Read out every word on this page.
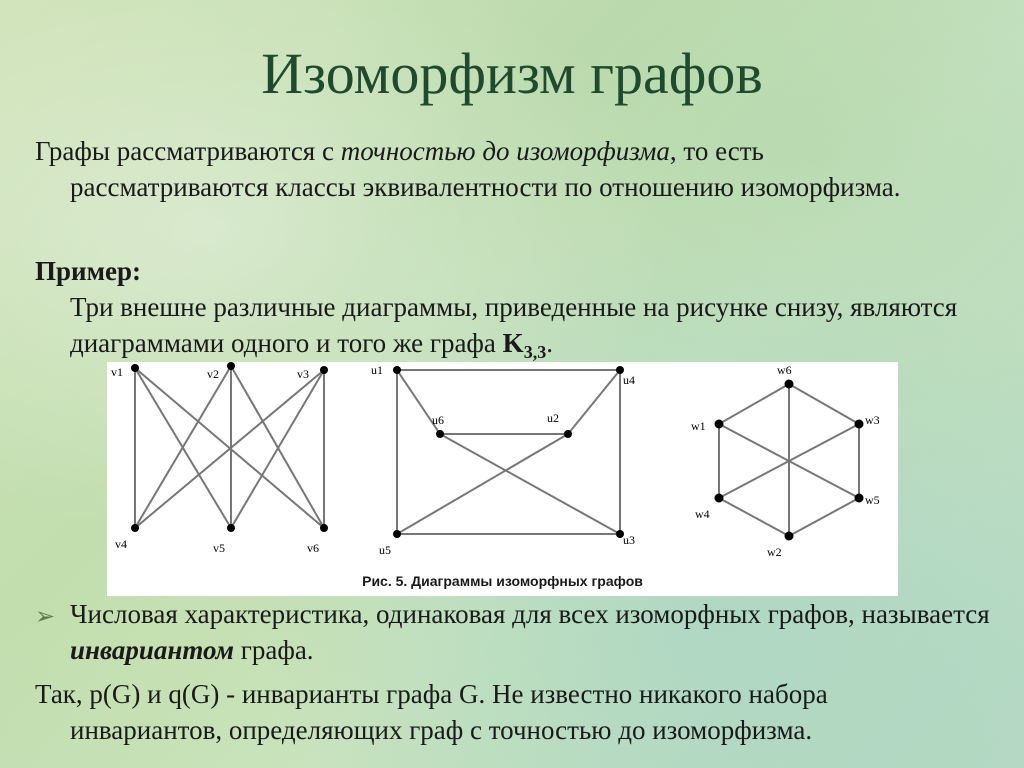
Изоморфизм графов
Графы рассматриваются с точностью до изоморфизма, то есть
рассматриваются классы эквивалентности по отношению изоморфизма.
Пример:
Три внешне различные диаграммы, приведенные на рисунке снизу, являются диаграммами одного и того же графа $K_{3,3}$.
v1	v2	v3
v4	v5	v6
u1
u4
u6	u2
u5
u3
w6
w1	w3
w4
w5
w2
Рис. 5. Диаграммы изоморфных графов
➢ Числовая характеристика, одинаковая для всех изоморфных графов, называется инвариантом графа.
Так, p(G) и q(G) - инварианты графа G. Не известно никакого набора
инвариантов, определяющих граф с точностью до изоморфизма.
